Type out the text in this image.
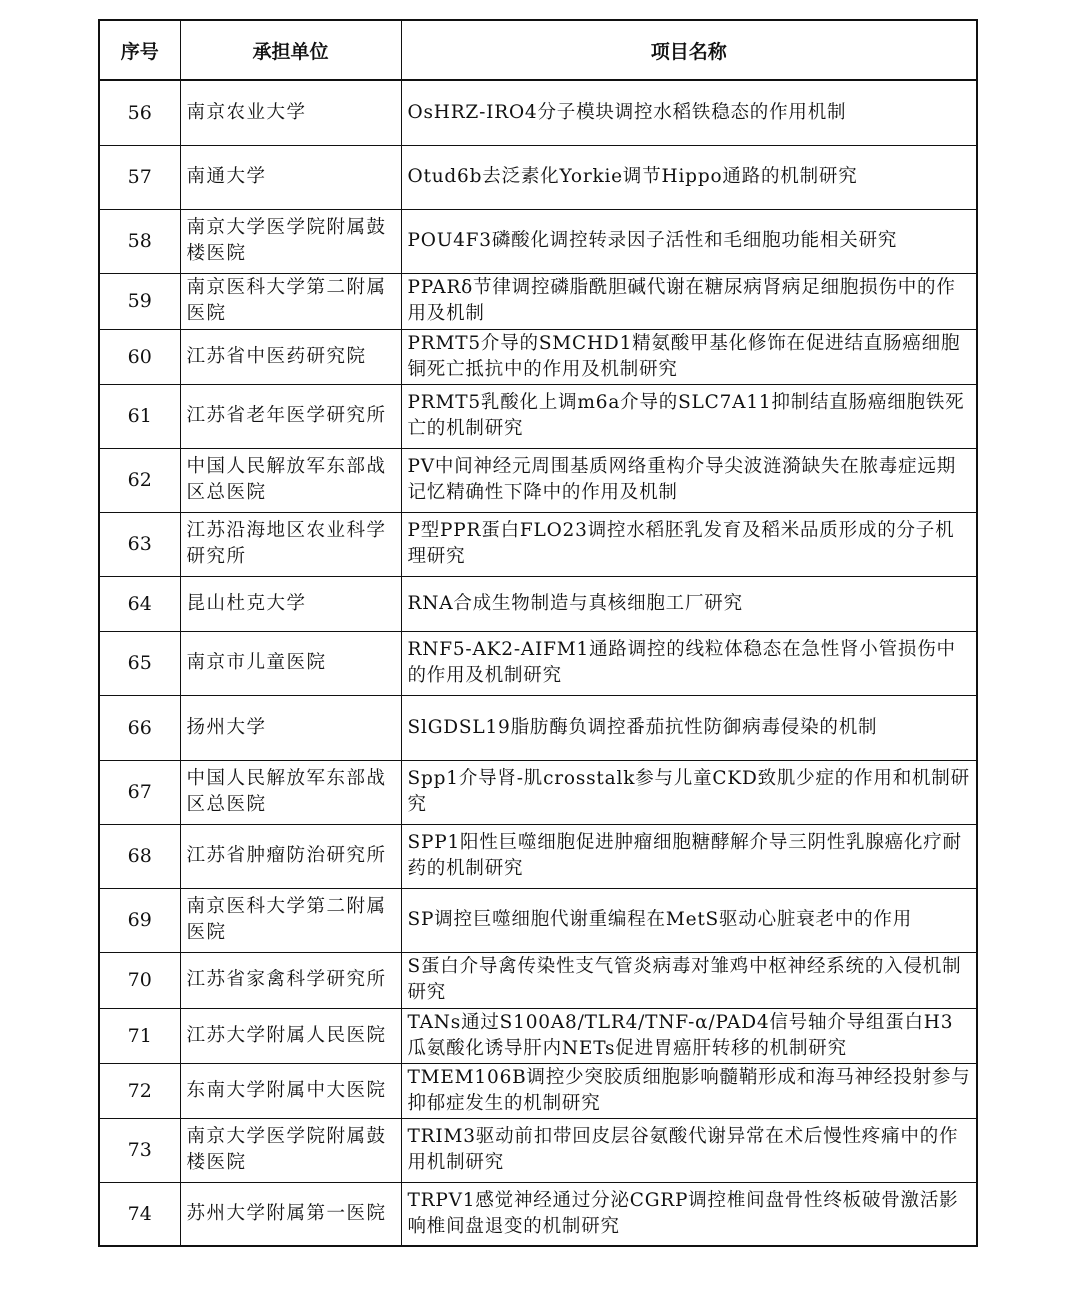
序号	承担单位	项目名称
56	南京农业大学	OsHRZ-IRO4分子模块调控水稻铁稳态的作用机制
57	南通大学	Otud6b去泛素化Yorkie调节Hippo通路的机制研究
58	南京大学医学院附属鼓楼医院	POU4F3磷酸化调控转录因子活性和毛细胞功能相关研究
59	南京医科大学第二附属医院	PPARδ节律调控磷脂酰胆碱代谢在糖尿病肾病足细胞损伤中的作用及机制
60	江苏省中医药研究院	PRMT5介导的SMCHD1精氨酸甲基化修饰在促进结直肠癌细胞铜死亡抵抗中的作用及机制研究
61	江苏省老年医学研究所	PRMT5乳酸化上调m6a介导的SLC7A11抑制结直肠癌细胞铁死亡的机制研究
62	中国人民解放军东部战区总医院	PV中间神经元周围基质网络重构介导尖波涟漪缺失在脓毒症远期记忆精确性下降中的作用及机制
63	江苏沿海地区农业科学研究所	P型PPR蛋白FLO23调控水稻胚乳发育及稻米品质形成的分子机理研究
64	昆山杜克大学	RNA合成生物制造与真核细胞工厂研究
65	南京市儿童医院	RNF5-AK2-AIFM1通路调控的线粒体稳态在急性肾小管损伤中的作用及机制研究
66	扬州大学	SlGDSL19脂肪酶负调控番茄抗性防御病毒侵染的机制
67	中国人民解放军东部战区总医院	Spp1介导肾-肌crosstalk参与儿童CKD致肌少症的作用和机制研究
68	江苏省肿瘤防治研究所	SPP1阳性巨噬细胞促进肿瘤细胞糖酵解介导三阴性乳腺癌化疗耐药的机制研究
69	南京医科大学第二附属医院	SP调控巨噬细胞代谢重编程在MetS驱动心脏衰老中的作用
70	江苏省家禽科学研究所	S蛋白介导禽传染性支气管炎病毒对雏鸡中枢神经系统的入侵机制研究
71	江苏大学附属人民医院	TANs通过S100A8/TLR4/TNF-α/PAD4信号轴介导组蛋白H3瓜氨酸化诱导肝内NETs促进胃癌肝转移的机制研究
72	东南大学附属中大医院	TMEM106B调控少突胶质细胞影响髓鞘形成和海马神经投射参与抑郁症发生的机制研究
73	南京大学医学院附属鼓楼医院	TRIM3驱动前扣带回皮层谷氨酸代谢异常在术后慢性疼痛中的作用机制研究
74	苏州大学附属第一医院	TRPV1感觉神经通过分泌CGRP调控椎间盘骨性终板破骨激活影响椎间盘退变的机制研究
